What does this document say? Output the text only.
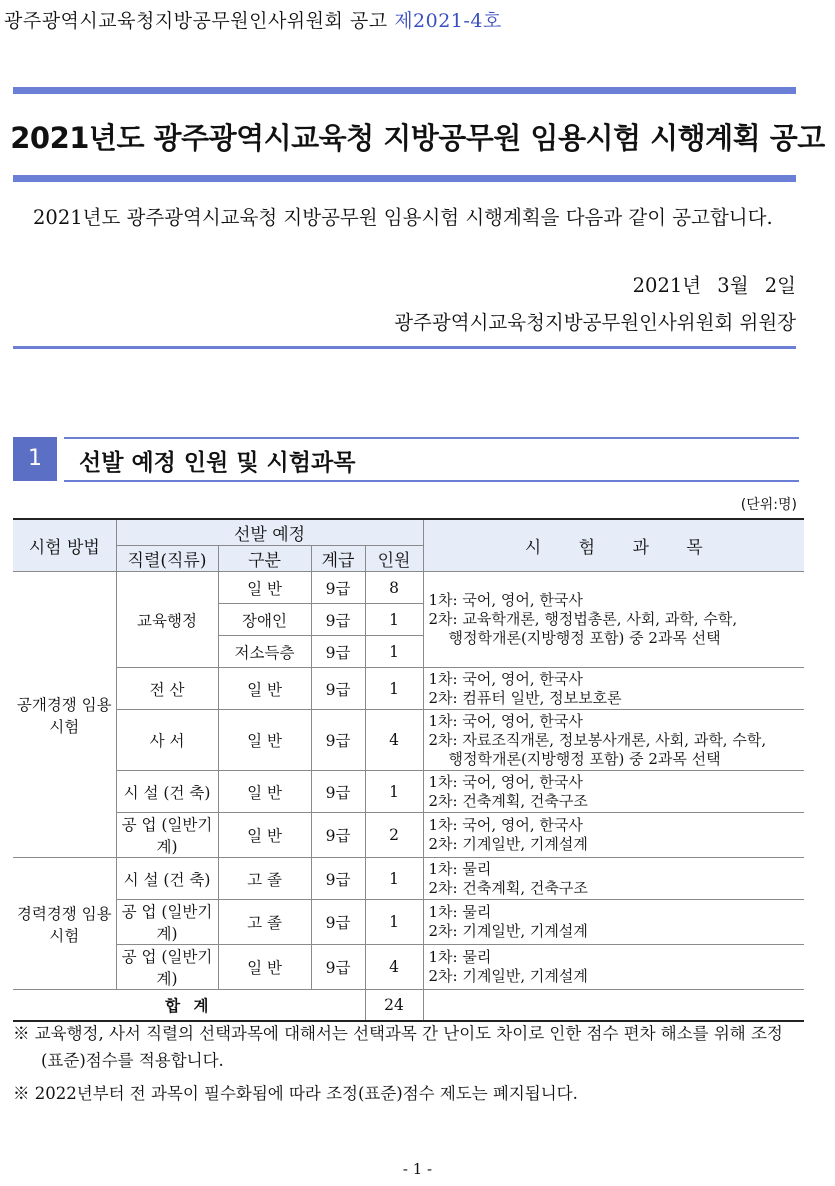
광주광역시교육청지방공무원인사위원회 공고 제2021-4호
2021년도 광주광역시교육청 지방공무원 임용시험 시행계획 공고
2021년도 광주광역시교육청 지방공무원 임용시험 시행계획을 다음과 같이 공고합니다.
2021년 3월 2일
광주광역시교육청지방공무원인사위원회 위원장
1	선발 예정 인원 및 시험과목
(단위:명)
시험 방법	선발 예정				시 험 과 목
	직렬(직류)	구분	계급	인원	
공개경쟁 임용시험	교육행정	일 반	9급	8	1차: 국어, 영어, 한국사
2차: 교육학개론, 행정법총론, 사회, 과학, 수학,
행정학개론(지방행정 포함) 중 2과목 선택

		장애인	9급	1	
		저소득층	9급	1	
	전 산	일 반	9급	1	1차: 국어, 영어, 한국사
2차: 컴퓨터 일반, 정보보호론

	사 서	일 반	9급	4	1차: 국어, 영어, 한국사
2차: 자료조직개론, 정보봉사개론, 사회, 과학, 수학,
행정학개론(지방행정 포함) 중 2과목 선택

	시 설 (건 축)	일 반	9급	1	1차: 국어, 영어, 한국사
2차: 건축계획, 건축구조

	공 업 (일반기계)	일 반	9급	2	1차: 국어, 영어, 한국사
2차: 기계일반, 기계설계

경력경쟁 임용시험	시 설 (건 축)	고 졸	9급	1	1차: 물리
2차: 건축계획, 건축구조

	공 업 (일반기계)	고 졸	9급	1	1차: 물리
2차: 기계일반, 기계설계

	공 업 (일반기계)	일 반	9급	4	1차: 물리
2차: 기계일반, 기계설계

합 계				24	

※ 교육행정, 사서 직렬의 선택과목에 대해서는 선택과목 간 난이도 차이로 인한 점수 편차 해소를 위해 조정(표준)점수를 적용합니다.

※ 2022년부터 전 과목이 필수화됨에 따라 조정(표준)점수 제도는 폐지됩니다.

- 1 -
